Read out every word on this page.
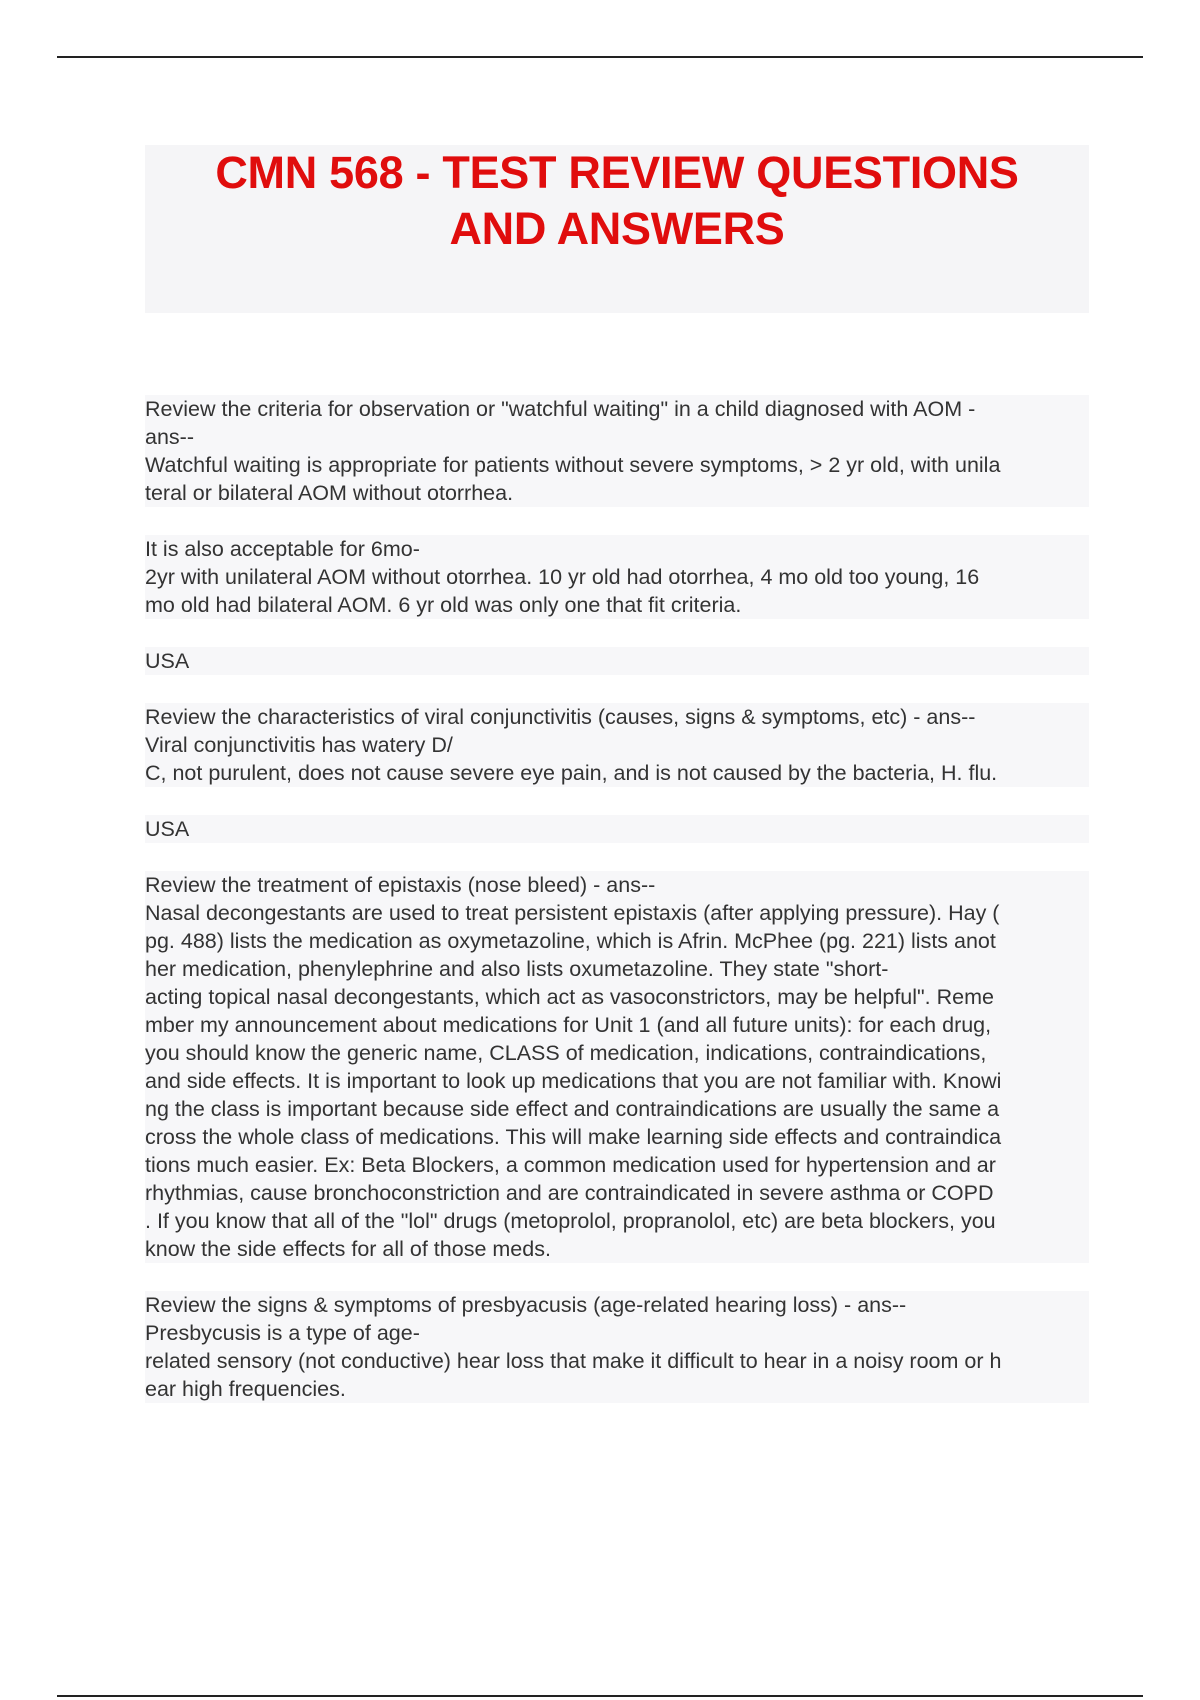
CMN 568 - TEST REVIEW QUESTIONS
AND ANSWERS
Review the criteria for observation or "watchful waiting" in a child diagnosed with AOM -
ans--
Watchful waiting is appropriate for patients without severe symptoms, > 2 yr old, with unila
teral or bilateral AOM without otorrhea.
It is also acceptable for 6mo-
2yr with unilateral AOM without otorrhea. 10 yr old had otorrhea, 4 mo old too young, 16
mo old had bilateral AOM. 6 yr old was only one that fit criteria.
USA
Review the characteristics of viral conjunctivitis (causes, signs & symptoms, etc) - ans--
Viral conjunctivitis has watery D/
C, not purulent, does not cause severe eye pain, and is not caused by the bacteria, H. flu.
USA
Review the treatment of epistaxis (nose bleed) - ans--
Nasal decongestants are used to treat persistent epistaxis (after applying pressure). Hay (
pg. 488) lists the medication as oxymetazoline, which is Afrin. McPhee (pg. 221) lists anot
her medication, phenylephrine and also lists oxumetazoline. They state "short-
acting topical nasal decongestants, which act as vasoconstrictors, may be helpful". Reme
mber my announcement about medications for Unit 1 (and all future units): for each drug,
you should know the generic name, CLASS of medication, indications, contraindications,
and side effects. It is important to look up medications that you are not familiar with. Knowi
ng the class is important because side effect and contraindications are usually the same a
cross the whole class of medications. This will make learning side effects and contraindica
tions much easier. Ex: Beta Blockers, a common medication used for hypertension and ar
rhythmias, cause bronchoconstriction and are contraindicated in severe asthma or COPD
. If you know that all of the "lol" drugs (metoprolol, propranolol, etc) are beta blockers, you
know the side effects for all of those meds.
Review the signs & symptoms of presbyacusis (age-related hearing loss) - ans--
Presbycusis is a type of age-
related sensory (not conductive) hear loss that make it difficult to hear in a noisy room or h
ear high frequencies.
